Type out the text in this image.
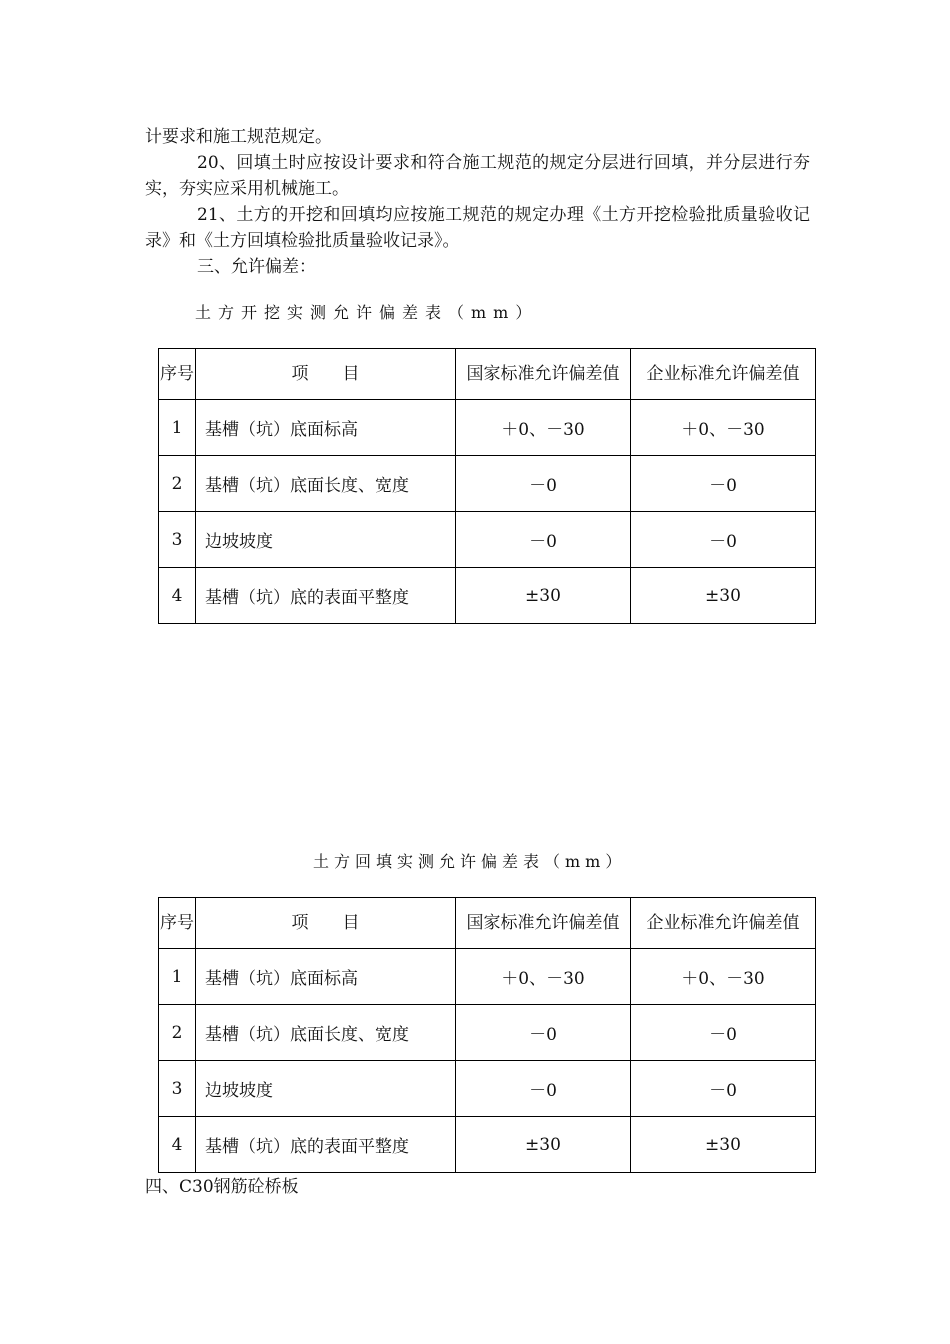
计要求和施工规范规定。

20、回填土时应按设计要求和符合施工规范的规定分层进行回填，并分层进行夯实，夯实应采用机械施工。

21、土方的开挖和回填均应按施工规范的规定办理《土方开挖检验批质量验收记录》和《土方回填检验批质量验收记录》。

三、允许偏差：

土方开挖实测允许偏差表（mm）

序号	项　　目	国家标准允许偏差值	企业标准允许偏差值
1	基槽（坑）底面标高	＋0、－30	＋0、－30
2	基槽（坑）底面长度、宽度	－0	－0
3	边坡坡度	－0	－0
4	基槽（坑）底的表面平整度	±30	±30

土方回填实测允许偏差表（mm）

序号	项　　目	国家标准允许偏差值	企业标准允许偏差值
1	基槽（坑）底面标高	＋0、－30	＋0、－30
2	基槽（坑）底面长度、宽度	－0	－0
3	边坡坡度	－0	－0
4	基槽（坑）底的表面平整度	±30	±30

四、C30钢筋砼桥板
